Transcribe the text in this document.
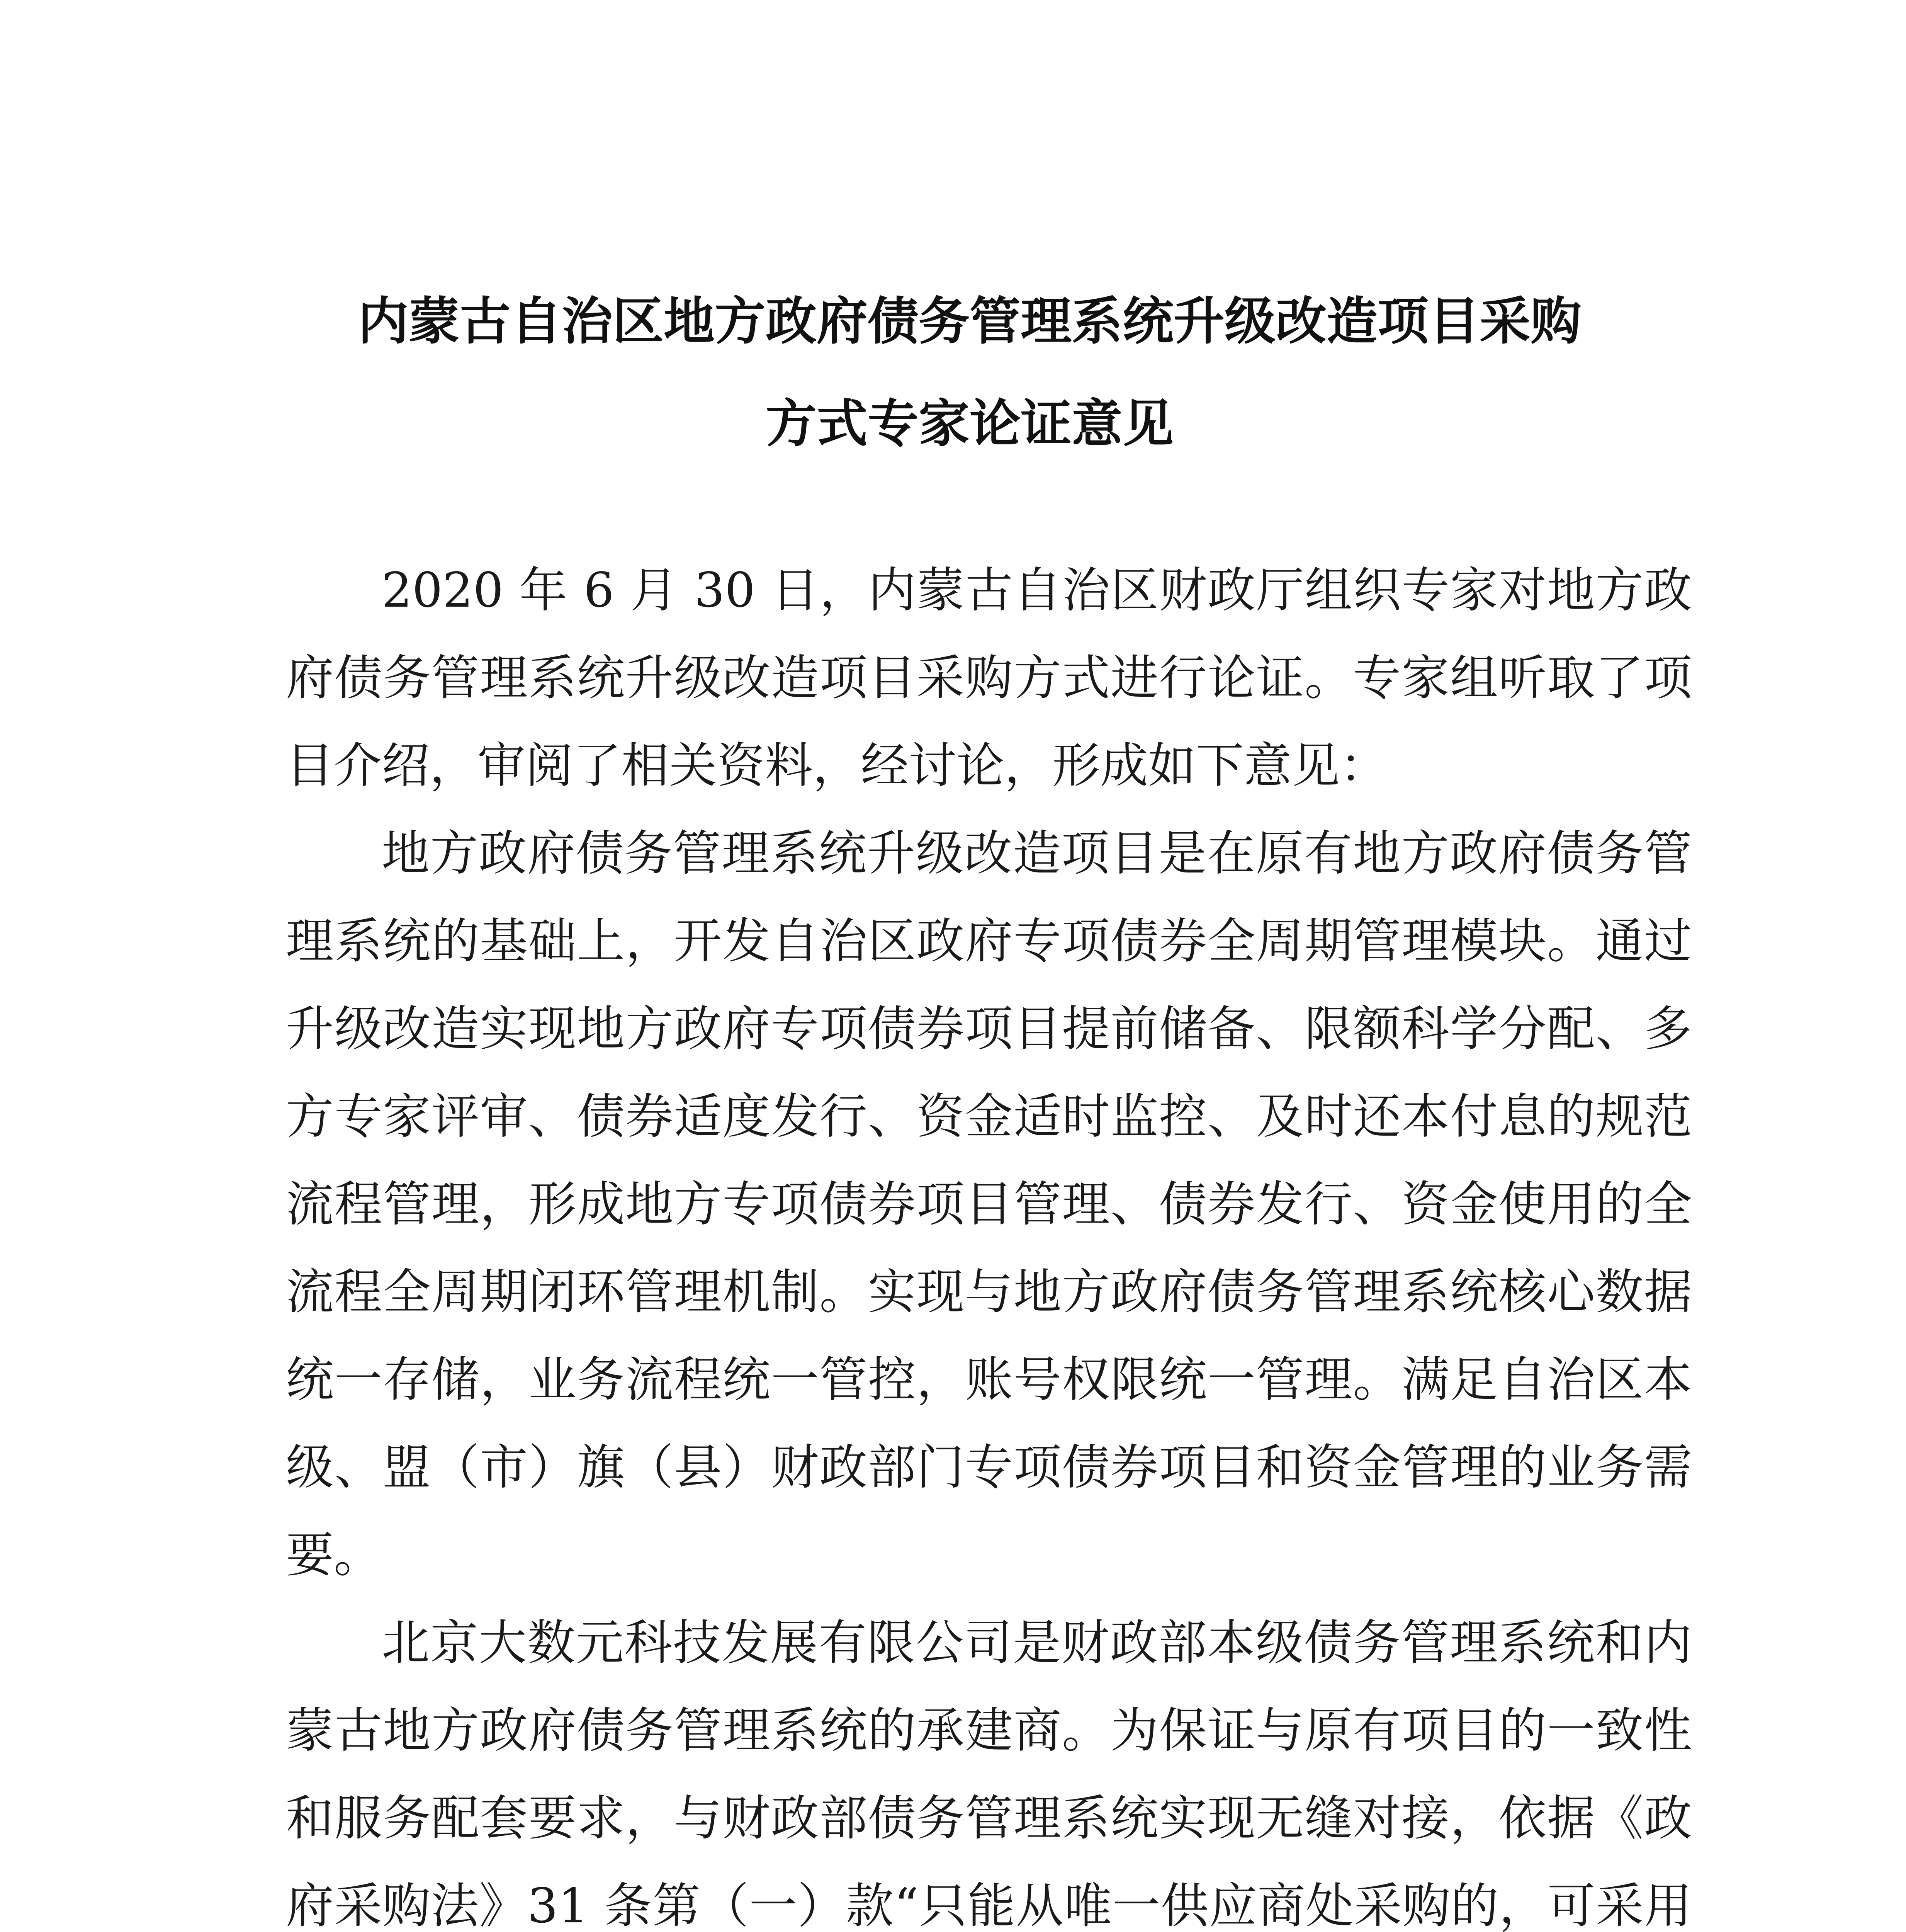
内蒙古自治区地方政府债务管理系统升级改造项目采购
方式专家论证意见

2020 年 6 月 30 日，内蒙古自治区财政厅组织专家对地方政府债务管理系统升级改造项目采购方式进行论证。专家组听取了项目介绍，审阅了相关资料，经讨论，形成如下意见：

地方政府债务管理系统升级改造项目是在原有地方政府债务管理系统的基础上，开发自治区政府专项债券全周期管理模块。通过升级改造实现地方政府专项债券项目提前储备、限额科学分配、多方专家评审、债券适度发行、资金适时监控、及时还本付息的规范流程管理，形成地方专项债券项目管理、债券发行、资金使用的全流程全周期闭环管理机制。实现与地方政府债务管理系统核心数据统一存储，业务流程统一管控，账号权限统一管理。满足自治区本级、盟（市）旗（县）财政部门专项债券项目和资金管理的业务需要。

北京大数元科技发展有限公司是财政部本级债务管理系统和内蒙古地方政府债务管理系统的承建商。为保证与原有项目的一致性和服务配套要求，与财政部债务管理系统实现无缝对接，依据《政府采购法》31 条第（一）款“只能从唯一供应商处采购的，可采用
